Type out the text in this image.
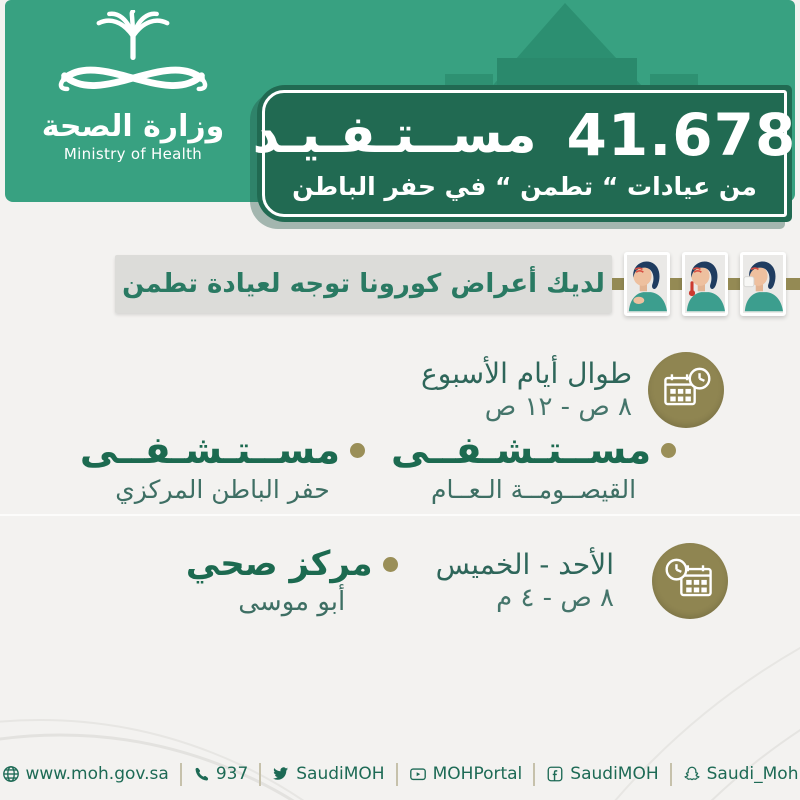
وزارة الصحة
Ministry of Health مســتـفـيـد 41.678
من عيادات “ تطمن “ في حفر الباطن
لديك أعراض كورونا توجه لعيادة تطمن
طوال أيام الأسبوع
٨ ص - ١٢ ص
مســتـشـفــى
القيصــومــة الـعــام
مســتـشـفــى
حفر الباطن المركزي
مركز صحي
أبو موسى
الأحد - الخميس
٨ ص - ٤ م
www.moh.gov.sa	937	SaudiMOH	MOHPortal	SaudiMOH	Saudi_Moh
